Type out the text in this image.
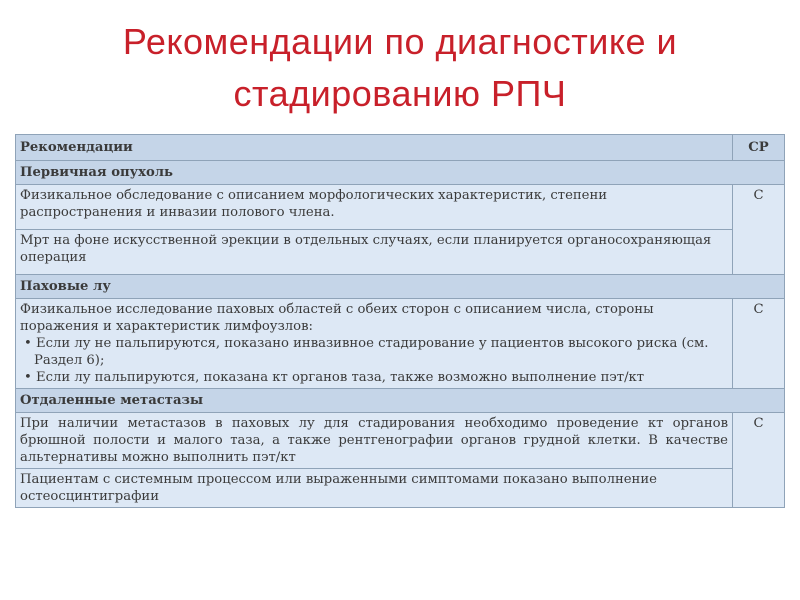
Рекомендации по диагностике и
стадированию РПЧ
Рекомендации	СР
Первичная опухоль	
Физикальное обследование с описанием морфологических характеристик, степени распространения и инвазии полового члена.	С
Мрт на фоне искусственной эрекции в отдельных случаях, если планируется органосохраняющая операция	
Паховые лу	
Физикальное исследование паховых областей с обеих сторон с описанием числа, стороны поражения и характеристик лимфоузлов:
• Если лу не пальпируются, показано инвазивное стадирование у пациентов высокого риска (см. Раздел 6);
• Если лу пальпируются, показана кт органов таза, также возможно выполнение пэт/кт	С
Отдаленные метастазы	
При наличии метастазов в паховых лу для стадирования необходимо проведение кт органов брюшной полости и малого таза, а также рентгенографии органов грудной клетки. В качестве альтернативы можно выполнить пэт/кт	С
Пациентам с системным процессом или выраженными симптомами показано выполнение остеосцинтиграфии	
